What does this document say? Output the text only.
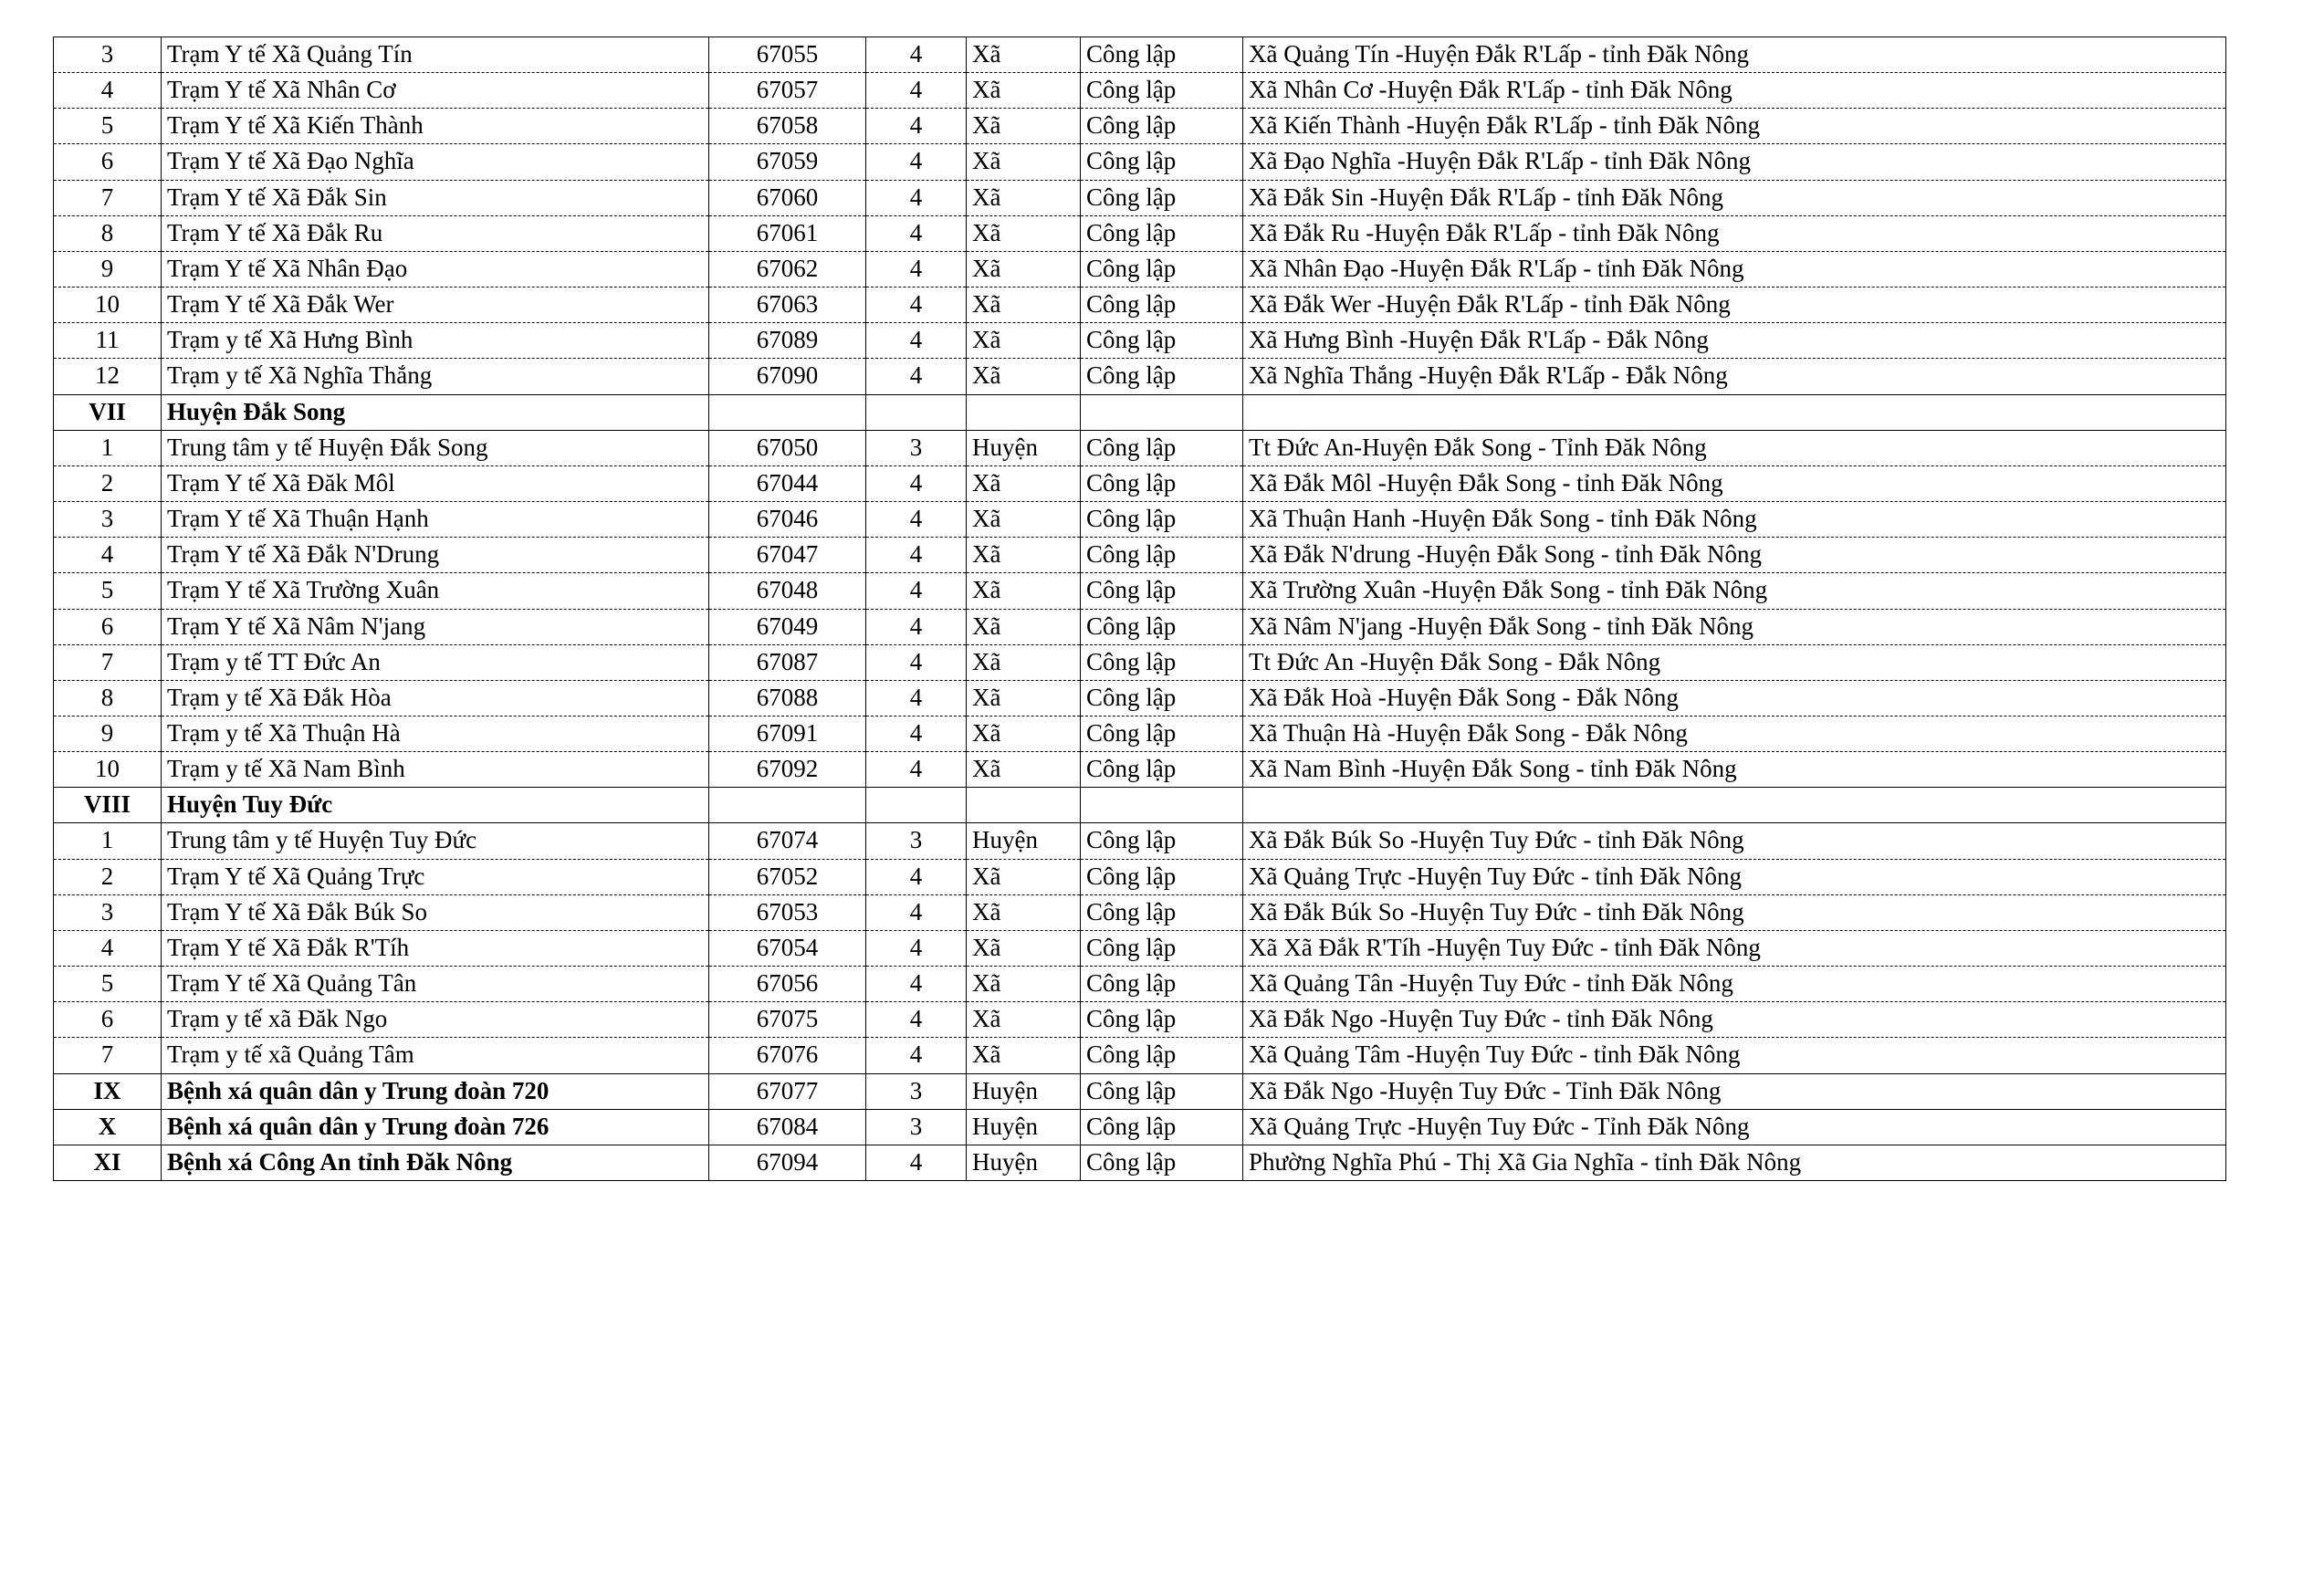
3	Trạm Y tế Xã Quảng Tín	67055	4	Xã	Công lập	Xã Quảng Tín -Huyện Đắk R'Lấp - tỉnh Đăk Nông
4	Trạm Y tế Xã Nhân Cơ	67057	4	Xã	Công lập	Xã Nhân Cơ -Huyện Đắk R'Lấp - tỉnh Đăk Nông
5	Trạm Y tế Xã Kiến Thành	67058	4	Xã	Công lập	Xã Kiến Thành -Huyện Đắk R'Lấp - tỉnh Đăk Nông
6	Trạm Y tế Xã Đạo Nghĩa	67059	4	Xã	Công lập	Xã Đạo Nghĩa -Huyện Đắk R'Lấp - tỉnh Đăk Nông
7	Trạm Y tế Xã Đắk Sin	67060	4	Xã	Công lập	Xã Đắk Sin -Huyện Đắk R'Lấp - tỉnh Đăk Nông
8	Trạm Y tế Xã Đắk Ru	67061	4	Xã	Công lập	Xã Đắk Ru -Huyện Đắk R'Lấp - tỉnh Đăk Nông
9	Trạm Y tế Xã Nhân Đạo	67062	4	Xã	Công lập	Xã Nhân Đạo -Huyện Đắk R'Lấp - tỉnh Đăk Nông
10	Trạm Y tế Xã Đắk Wer	67063	4	Xã	Công lập	Xã Đắk Wer -Huyện Đắk R'Lấp - tỉnh Đăk Nông
11	Trạm y tế Xã Hưng Bình	67089	4	Xã	Công lập	Xã Hưng Bình -Huyện Đắk R'Lấp - Đắk Nông
12	Trạm y tế Xã Nghĩa Thắng	67090	4	Xã	Công lập	Xã Nghĩa Thắng -Huyện Đắk R'Lấp - Đắk Nông
VII	Huyện Đắk Song					
1	Trung tâm y tế Huyện Đắk Song	67050	3	Huyện	Công lập	Tt Đức An-Huyện Đắk Song - Tỉnh Đăk Nông
2	Trạm Y tế Xã Đăk Môl	67044	4	Xã	Công lập	Xã Đắk Môl -Huyện Đắk Song - tỉnh Đăk Nông
3	Trạm Y tế Xã Thuận Hạnh	67046	4	Xã	Công lập	Xã Thuận Hanh -Huyện Đắk Song - tỉnh Đăk Nông
4	Trạm Y tế Xã Đắk N'Drung	67047	4	Xã	Công lập	Xã Đắk N'drung -Huyện Đắk Song - tỉnh Đăk Nông
5	Trạm Y tế Xã Trường Xuân	67048	4	Xã	Công lập	Xã Trường Xuân -Huyện Đắk Song - tỉnh Đăk Nông
6	Trạm Y tế Xã Nâm N'jang	67049	4	Xã	Công lập	Xã Nâm N'jang -Huyện Đắk Song - tỉnh Đăk Nông
7	Trạm y tế TT Đức An	67087	4	Xã	Công lập	Tt Đức An -Huyện Đắk Song - Đắk Nông
8	Trạm y tế Xã Đắk Hòa	67088	4	Xã	Công lập	Xã Đắk Hoà -Huyện Đắk Song - Đắk Nông
9	Trạm y tế Xã Thuận Hà	67091	4	Xã	Công lập	Xã Thuận Hà -Huyện Đắk Song - Đắk Nông
10	Trạm y tế Xã Nam Bình	67092	4	Xã	Công lập	Xã Nam Bình -Huyện Đắk Song - tỉnh Đăk Nông
VIII	Huyện Tuy Đức					
1	Trung tâm y tế Huyện Tuy Đức	67074	3	Huyện	Công lập	Xã Đắk Búk So -Huyện Tuy Đức - tỉnh Đăk Nông
2	Trạm Y tế Xã Quảng Trực	67052	4	Xã	Công lập	Xã Quảng Trực -Huyện Tuy Đức - tỉnh Đăk Nông
3	Trạm Y tế Xã Đắk Búk So	67053	4	Xã	Công lập	Xã Đắk Búk So -Huyện Tuy Đức - tỉnh Đăk Nông
4	Trạm Y tế Xã Đắk R'Tíh	67054	4	Xã	Công lập	Xã Xã Đắk R'Tíh -Huyện Tuy Đức - tỉnh Đăk Nông
5	Trạm Y tế Xã Quảng Tân	67056	4	Xã	Công lập	Xã Quảng Tân -Huyện Tuy Đức - tỉnh Đăk Nông
6	Trạm y tế xã Đăk Ngo	67075	4	Xã	Công lập	Xã Đắk Ngo -Huyện Tuy Đức - tỉnh Đăk Nông
7	Trạm y tế xã Quảng Tâm	67076	4	Xã	Công lập	Xã Quảng Tâm -Huyện Tuy Đức - tỉnh Đăk Nông
IX	Bệnh xá quân dân y Trung đoàn 720	67077	3	Huyện	Công lập	Xã Đắk Ngo -Huyện Tuy Đức - Tỉnh Đăk Nông
X	Bệnh xá quân dân y Trung đoàn 726	67084	3	Huyện	Công lập	Xã Quảng Trực -Huyện Tuy Đức - Tỉnh Đăk Nông
XI	Bệnh xá Công An tỉnh Đăk Nông	67094	4	Huyện	Công lập	Phường Nghĩa Phú - Thị Xã Gia Nghĩa - tỉnh Đăk Nông
